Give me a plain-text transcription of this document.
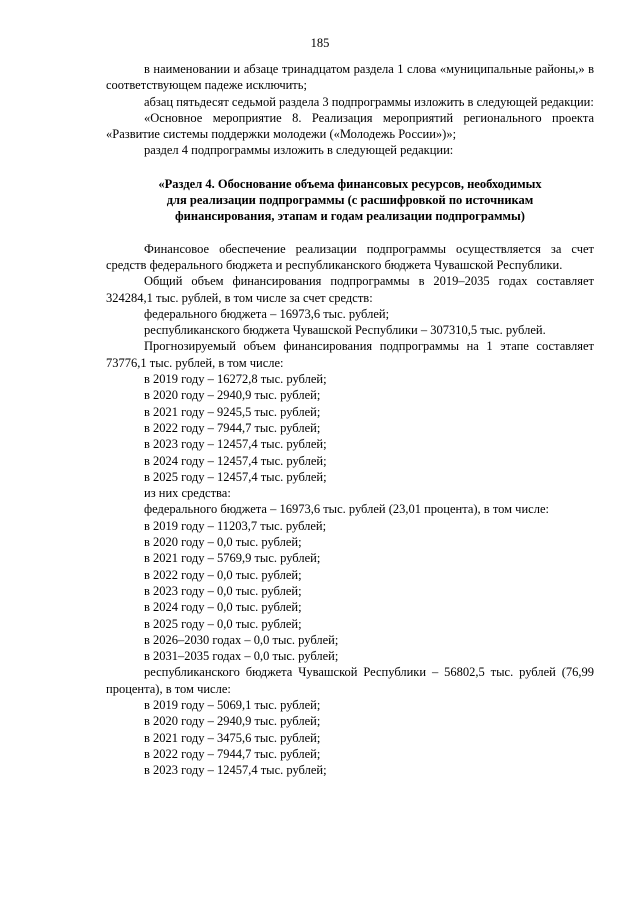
185

в наименовании и абзаце тринадцатом раздела 1 слова «муниципальные районы,» в соответствующем падеже исключить;

абзац пятьдесят седьмой раздела 3 подпрограммы изложить в следующей редакции:

«Основное мероприятие 8. Реализация мероприятий регионального проекта «Развитие системы поддержки молодежи («Молодежь России»)»;

раздел 4 подпрограммы изложить в следующей редакции:

«Раздел 4. Обоснование объема финансовых ресурсов, необходимых
для реализации подпрограммы (с расшифровкой по источникам
финансирования, этапам и годам реализации подпрограммы)

Финансовое обеспечение реализации подпрограммы осуществляется за счет средств федерального бюджета и республиканского бюджета Чувашской Республики.

Общий объем финансирования подпрограммы в 2019–2035 годах составляет 324284,1 тыс. рублей, в том числе за счет средств:

федерального бюджета – 16973,6 тыс. рублей;

республиканского бюджета Чувашской Республики – 307310,5 тыс. рублей.

Прогнозируемый объем финансирования подпрограммы на 1 этапе составляет 73776,1 тыс. рублей, в том числе:

в 2019 году – 16272,8 тыс. рублей;

в 2020 году – 2940,9 тыс. рублей;

в 2021 году – 9245,5 тыс. рублей;

в 2022 году – 7944,7 тыс. рублей;

в 2023 году – 12457,4 тыс. рублей;

в 2024 году – 12457,4 тыс. рублей;

в 2025 году – 12457,4 тыс. рублей;

из них средства:

федерального бюджета – 16973,6 тыс. рублей (23,01 процента), в том числе:

в 2019 году – 11203,7 тыс. рублей;

в 2020 году – 0,0 тыс. рублей;

в 2021 году – 5769,9 тыс. рублей;

в 2022 году – 0,0 тыс. рублей;

в 2023 году – 0,0 тыс. рублей;

в 2024 году – 0,0 тыс. рублей;

в 2025 году – 0,0 тыс. рублей;

в 2026–2030 годах – 0,0 тыс. рублей;

в 2031–2035 годах – 0,0 тыс. рублей;

республиканского бюджета Чувашской Республики – 56802,5 тыс. рублей (76,99 процента), в том числе:

в 2019 году – 5069,1 тыс. рублей;

в 2020 году – 2940,9 тыс. рублей;

в 2021 году – 3475,6 тыс. рублей;

в 2022 году – 7944,7 тыс. рублей;

в 2023 году – 12457,4 тыс. рублей;
